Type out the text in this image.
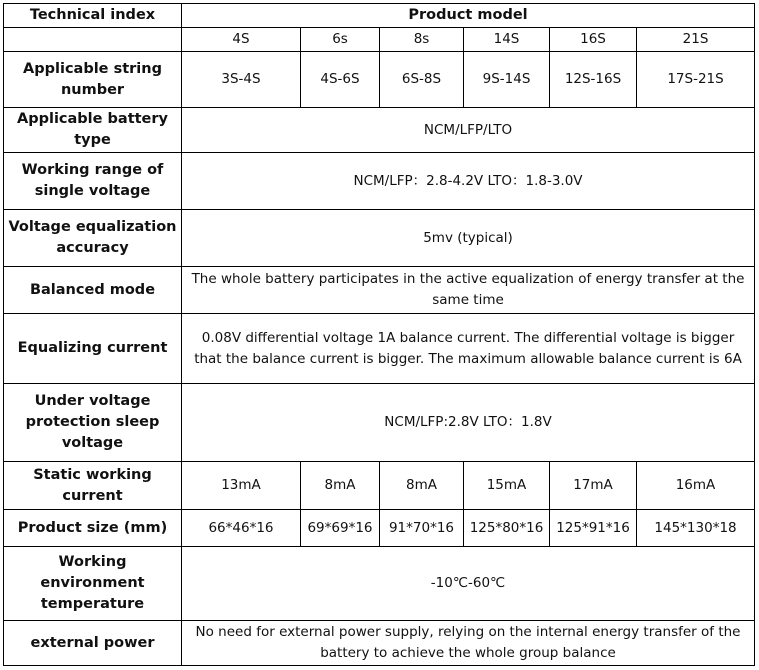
Technical index	Product model					
	4S	6s	8s	14S	16S	21S
Applicable string number	3S-4S	4S-6S	6S-8S	9S-14S	12S-16S	17S-21S
Applicable battery type	NCM/LFP/LTO					
Working range of single voltage	NCM/LFP：2.8-4.2V LTO：1.8-3.0V					
Voltage equalization accuracy	5mv (typical)					
Balanced mode	The whole battery participates in the active equalization of energy transfer at the same time					
Equalizing current	0.08V differential voltage 1A balance current. The differential voltage is bigger that the balance current is bigger. The maximum allowable balance current is 6A					
Under voltage protection sleep voltage	NCM/LFP:2.8V LTO：1.8V					
Static working current	13mA	8mA	8mA	15mA	17mA	16mA
Product size (mm)	66*46*16	69*69*16	91*70*16	125*80*16	125*91*16	145*130*18
Working environment temperature	-10℃-60℃					
external power	No need for external power supply, relying on the internal energy transfer of the battery to achieve the whole group balance					
